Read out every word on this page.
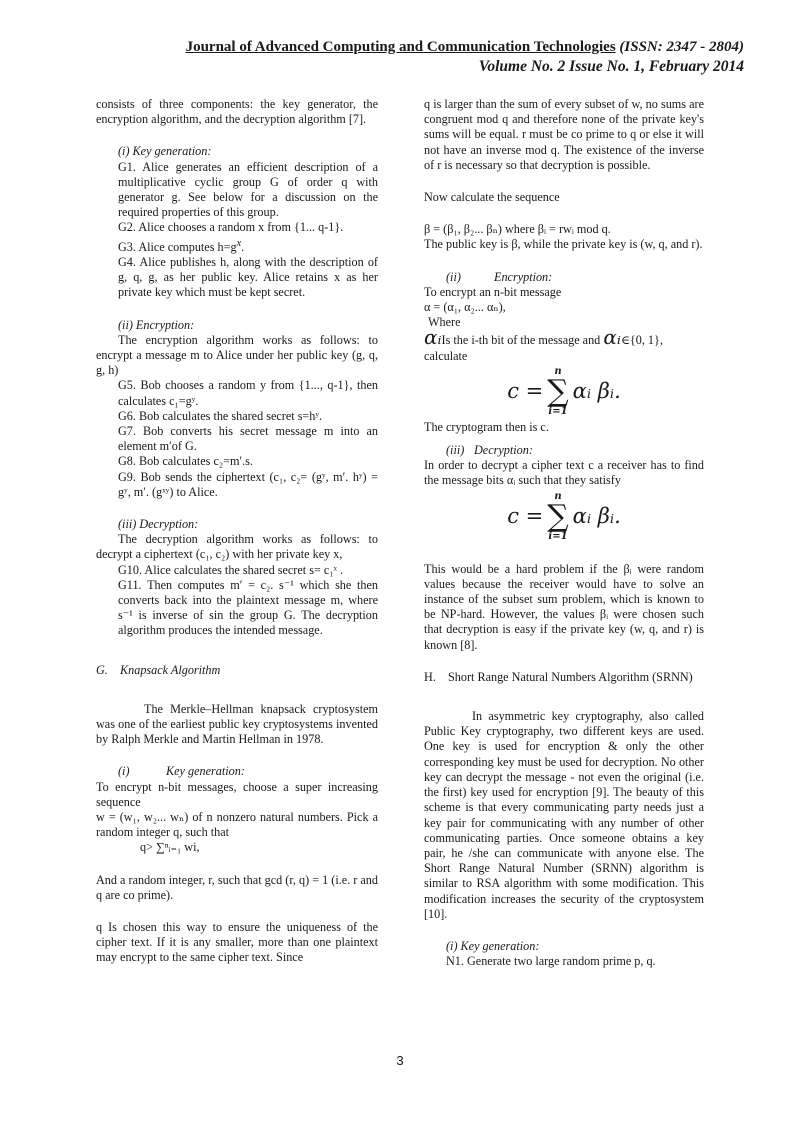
Journal of Advanced Computing and Communication Technologies (ISSN: 2347 - 2804)
Volume No. 2 Issue No. 1, February 2014

consists of three components: the key generator, the encryption algorithm, and the decryption algorithm [7].

(i) Key generation:

G1. Alice generates an efficient description of a multiplicative cyclic group G of order q with generator g. See below for a discussion on the required properties of this group.

G2. Alice chooses a random x from {1... q-1}.

G3. Alice computes $h=g^x$.

G4. Alice publishes h, along with the description of g, q, g, as her public key. Alice retains x as her private key which must be kept secret.

(ii) Encryption:

The encryption algorithm works as follows: to encrypt a message m to Alice under her public key (g, q, g, h)

G5. Bob chooses a random y from {1..., q-1}, then calculates c₁=gʸ.

G6. Bob calculates the shared secret s=hʸ.

G7. Bob converts his secret message m into an element m′of G.

G8. Bob calculates c₂=m′.s.

G9. Bob sends the ciphertext (c₁, c₂= (gʸ, m′. hʸ) = gʸ, m′. (gˣʸ) to Alice.

(iii) Decryption:

The decryption algorithm works as follows: to decrypt a ciphertext (c₁, c₂) with her private key x,

G10. Alice calculates the shared secret s= c₁ˣ .

G11. Then computes m′ = c₂. s⁻¹ which she then converts back into the plaintext message m, where s⁻¹ is inverse of sin the group G. The decryption algorithm produces the intended message.

G. Knapsack Algorithm

The Merkle–Hellman knapsack cryptosystem was one of the earliest public key cryptosystems invented by Ralph Merkle and Martin Hellman in 1978.

(i)	Key generation:

To encrypt n-bit messages, choose a super increasing sequence

w = (w₁, w₂... wₙ) of n nonzero natural numbers. Pick a random integer q, such that

q> ∑ⁿᵢ₌₁ wi,

And a random integer, r, such that gcd (r, q) = 1 (i.e. r and q are co prime).

q Is chosen this way to ensure the uniqueness of the cipher text. If it is any smaller, more than one plaintext may encrypt to the same cipher text. Since

q is larger than the sum of every subset of w, no sums are congruent mod q and therefore none of the private key's sums will be equal. r must be co prime to q or else it will not have an inverse mod q. The existence of the inverse of r is necessary so that decryption is possible.

Now calculate the sequence

β = (β₁, β₂... βₙ) where βᵢ = rwᵢ mod q.

The public key is β, while the private key is (w, q, and r).

(ii)	Encryption:

To encrypt an n-bit message

α = (α₁, α₂... αₙ),

Where

αᵢIs the i-th bit of the message and αᵢ∈{0, 1},

calculate

c =
n
∑
i=1
αᵢ βᵢ.

The cryptogram then is c.

(iii) Decryption:

In order to decrypt a cipher text c a receiver has to find the message bits αᵢ such that they satisfy

c =
n
∑
i=1
αᵢ βᵢ.

This would be a hard problem if the βᵢ were random values because the receiver would have to solve an instance of the subset sum problem, which is known to be NP-hard. However, the values βᵢ were chosen such that decryption is easy if the private key (w, q, and r) is known [8].

H. Short Range Natural Numbers Algorithm (SRNN)

In asymmetric key cryptography, also called Public Key cryptography, two different keys are used. One key is used for encryption & only the other corresponding key must be used for decryption. No other key can decrypt the message - not even the original (i.e. the first) key used for encryption [9]. The beauty of this scheme is that every communicating party needs just a key pair for communicating with any number of other communicating parties. Once someone obtains a key pair, he /she can communicate with anyone else. The Short Range Natural Number (SRNN) algorithm is similar to RSA algorithm with some modification. This modification increases the security of the cryptosystem [10].

(i) Key generation:

N1. Generate two large random prime p, q.

3
